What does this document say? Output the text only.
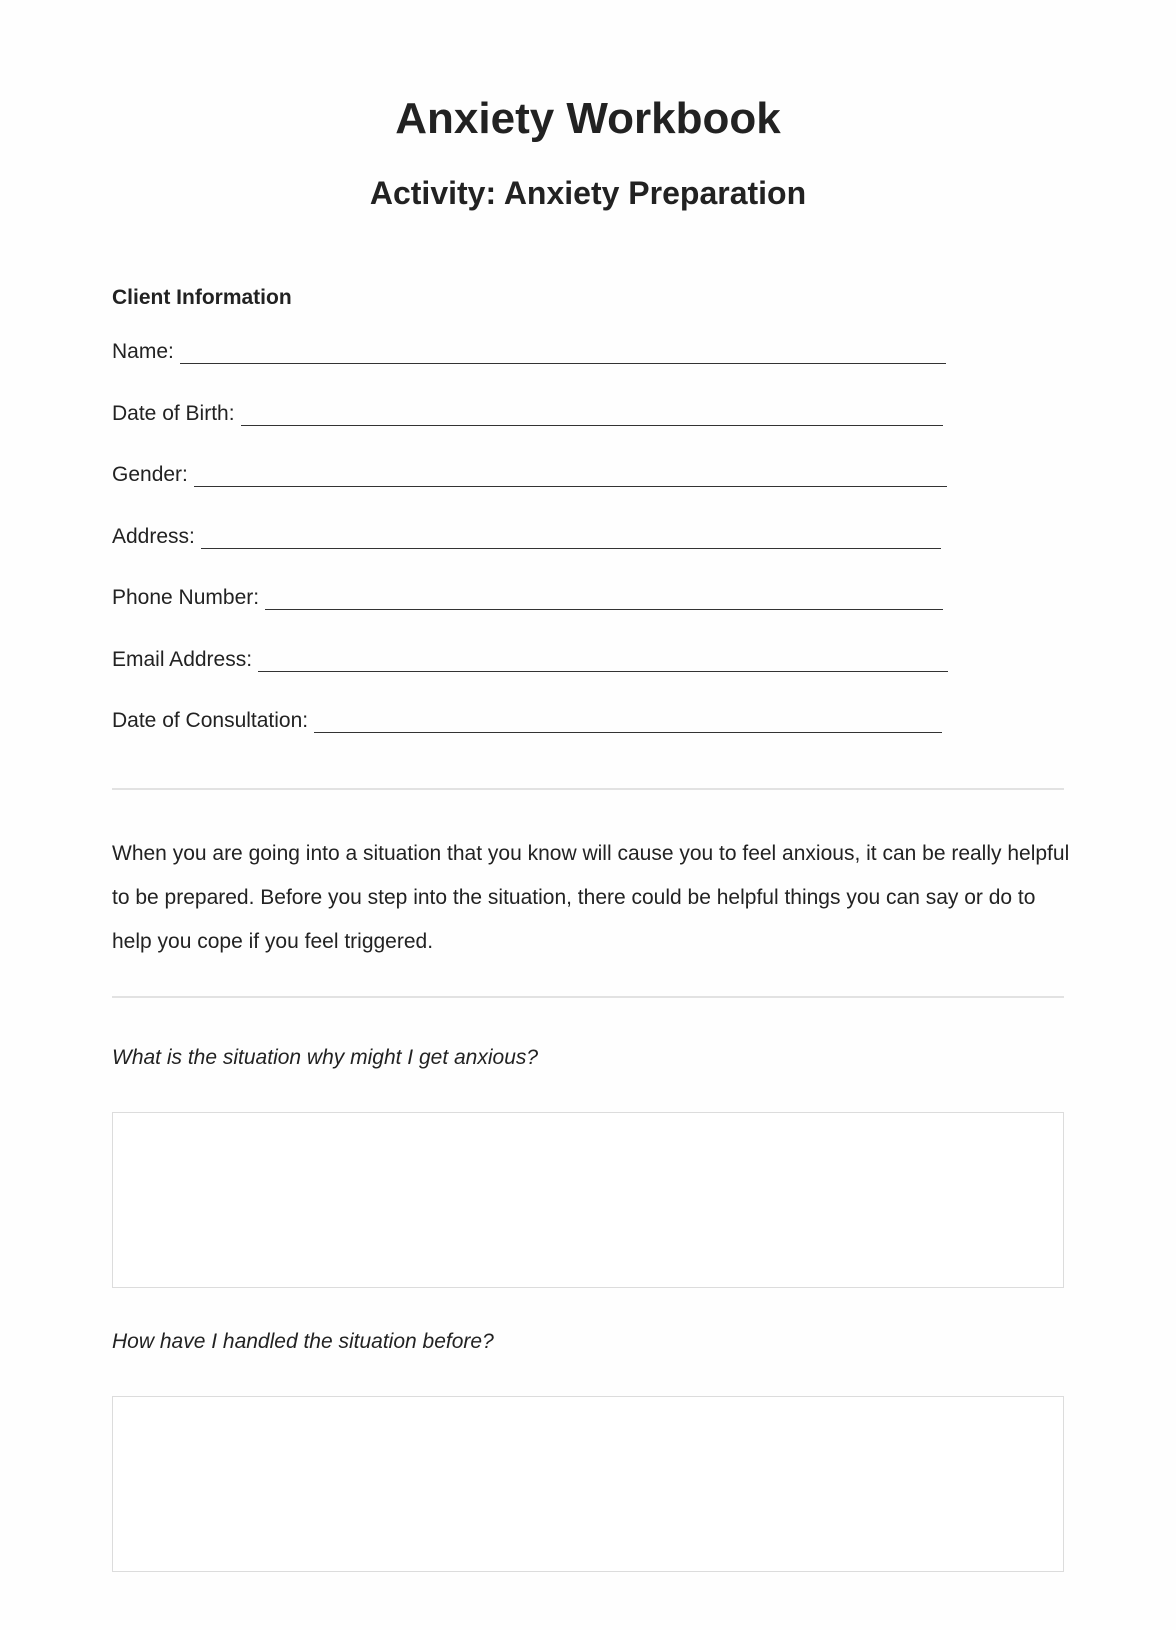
Anxiety Workbook
Activity: Anxiety Preparation
Client Information
Name:
Date of Birth:
Gender:
Address:
Phone Number:
Email Address:
Date of Consultation:
When you are going into a situation that you know will cause you to feel anxious, it can be really helpful to be prepared. Before you step into the situation, there could be helpful things you can say or do to help you cope if you feel triggered.
What is the situation why might I get anxious?
How have I handled the situation before?
